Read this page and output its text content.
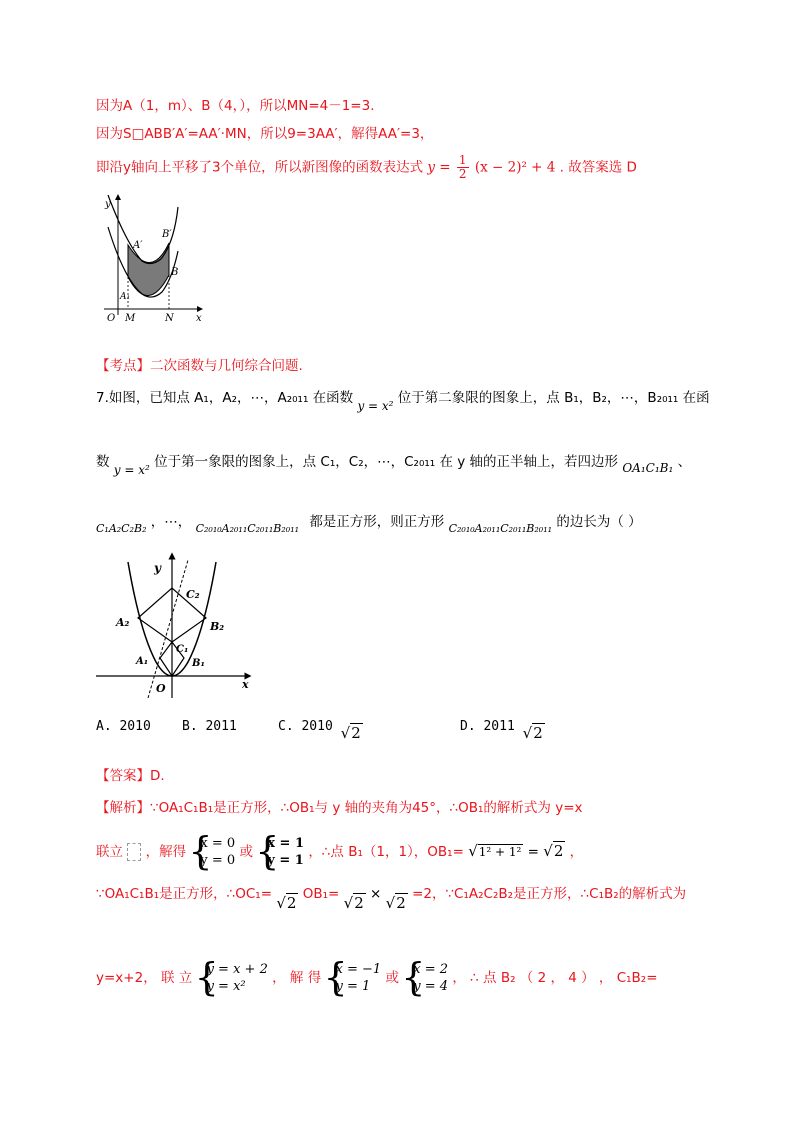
因为A（1，m）、B（4，），所以MN=4－1=3.
因为S□ABB′A′=AA′·MN，所以9=3AA′，解得AA′=3，
即沿y轴向上平移了3个单位，所以新图像的函数表达式 $y = \frac{1}{2} (x - 2)^2 + 4$ . 故答案选 D
y
A′
B′
B
A₁
O M	N x
【考点】二次函数与几何综合问题.
7.如图，已知点 A₁，A₂，⋯，A₂₀₁₁ 在函数 y = x² 位于第二象限的图象上，点 B₁，B₂，⋯，B₂₀₁₁ 在函
数 y = x² 位于第一象限的图象上，点 C₁，C₂，⋯，C₂₀₁₁ 在 y 轴的正半轴上，若四边形 OA₁C₁B₁ 、
$_{C_1A_2C_2B_2}$ ，⋯， $_{C_{2010}A_{2011}C_{2011}B_{2011}}$ 都是正方形，则正方形 $_{C_{2010}A_{2011}C_{2011}B_{2011}}$ 的边长为（ ）
y
C₂
A₂	B₂
C₁
A₁	B₁
O	x
A. 2010 B. 2011	C. 2010 √2	D. 2011 √2
【答案】D.
【解析】∵OA₁C₁B₁是正方形，∴OB₁与 y 轴的夹角为45°，∴OB₁的解析式为 y=x
联立 ，解得
{ x = 0
y = 0
或
{ x = 1
y = 1
，∴点 B₁（1，1），OB₁= √1² + 1² = √2 ，
∵OA₁C₁B₁是正方形，∴OC₁= √2 OB₁= √2 × √2 =2，∵C₁A₂C₂B₂是正方形，∴C₁B₂的解析式为
y=x+2， 联 立
{ y = x + 2
y = x²
， 解 得
{ x = −1
y = 1
或
{ x = 2
y = 4
， ∴ 点 B₂ （ 2 ， 4 ） ， C₁B₂=
